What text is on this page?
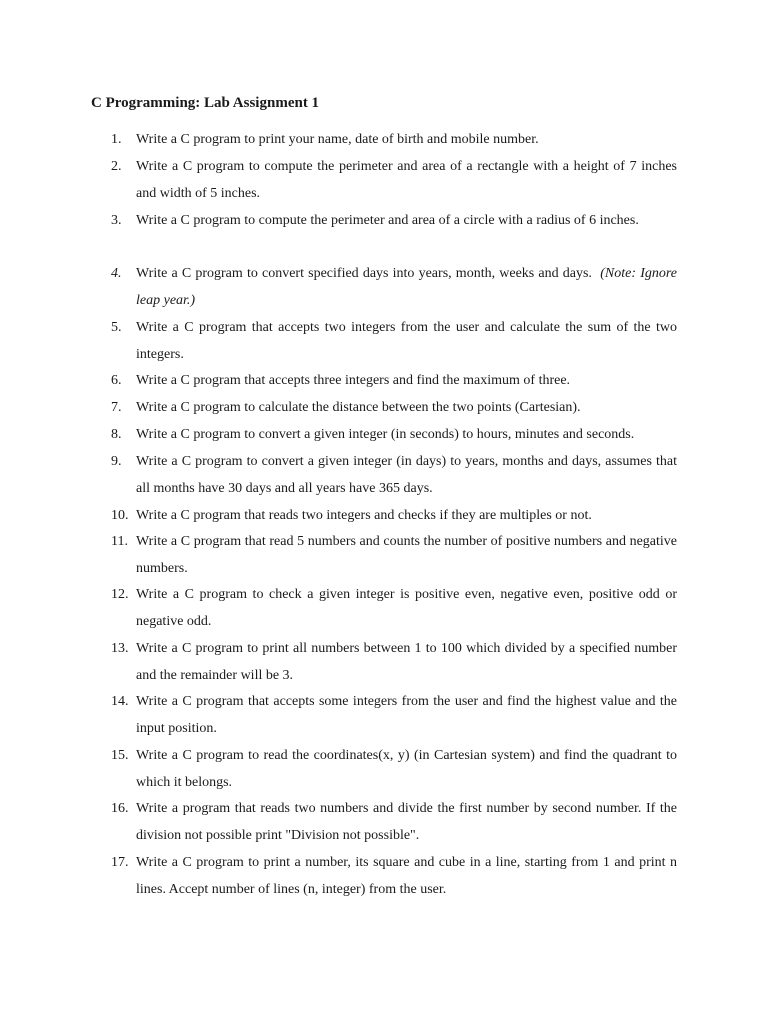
C Programming: Lab Assignment 1
1.	Write a C program to print your name, date of birth and mobile number.
2.	Write a C program to compute the perimeter and area of a rectangle with a height of 7 inches and width of 5 inches.
3.	Write a C program to compute the perimeter and area of a circle with a radius of 6 inches.
4.	Write a C program to convert specified days into years, month, weeks and days. (Note: Ignore leap year.)
5.	Write a C program that accepts two integers from the user and calculate the sum of the two integers.
6.	Write a C program that accepts three integers and find the maximum of three.
7.	Write a C program to calculate the distance between the two points (Cartesian).
8.	Write a C program to convert a given integer (in seconds) to hours, minutes and seconds.
9.	Write a C program to convert a given integer (in days) to years, months and days, assumes that all months have 30 days and all years have 365 days.
10. Write a C program that reads two integers and checks if they are multiples or not.
11. Write a C program that read 5 numbers and counts the number of positive numbers and negative numbers.
12. Write a C program to check a given integer is positive even, negative even, positive odd or negative odd.
13. Write a C program to print all numbers between 1 to 100 which divided by a specified number and the remainder will be 3.
14. Write a C program that accepts some integers from the user and find the highest value and the input position.
15. Write a C program to read the coordinates(x, y) (in Cartesian system) and find the quadrant to which it belongs.
16. Write a program that reads two numbers and divide the first number by second number. If the division not possible print "Division not possible".
17. Write a C program to print a number, its square and cube in a line, starting from 1 and print n lines. Accept number of lines (n, integer) from the user.
